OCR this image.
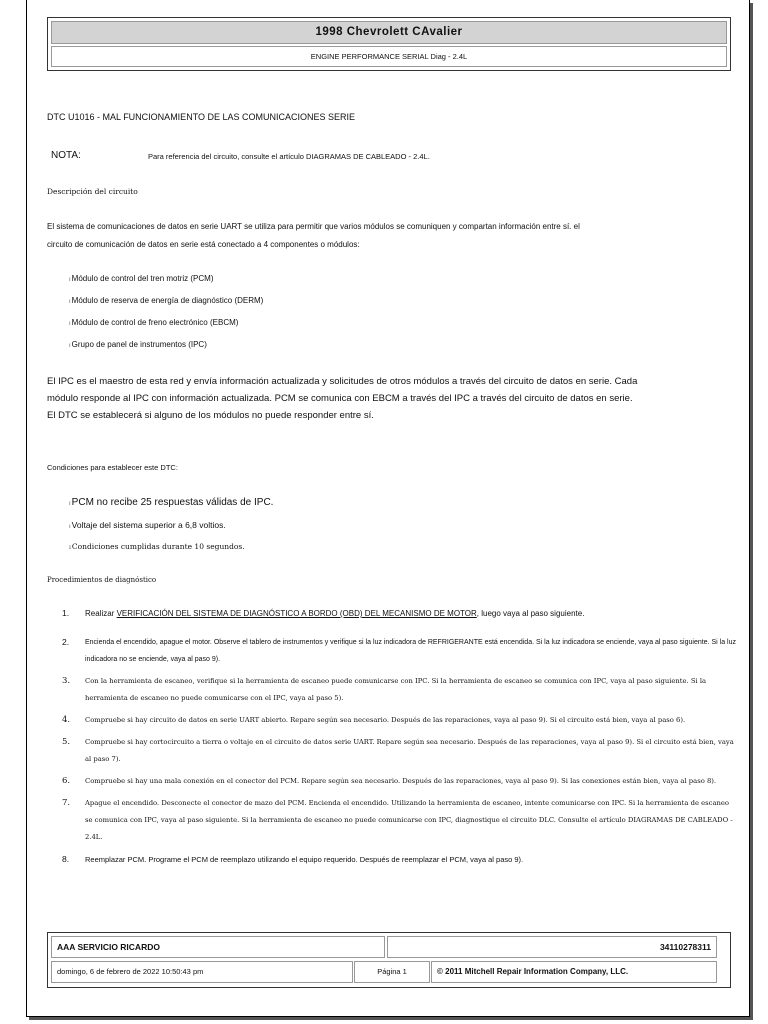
1998 Chevrolett CAvalier
ENGINE PERFORMANCE SERIAL Diag - 2.4L
DTC U1016 - MAL FUNCIONAMIENTO DE LAS COMUNICACIONES SERIE
NOTA:	Para referencia del circuito, consulte el artículo DIAGRAMAS DE CABLEADO - 2.4L.
Descripción del circuito

El sistema de comunicaciones de datos en serie UART se utiliza para permitir que varios módulos se comuniquen y compartan información entre sí. el
circuito de comunicación de datos en serie está conectado a 4 componentes o módulos:

ıMódulo de control del tren motriz (PCM)
ıMódulo de reserva de energía de diagnóstico (DERM)
ıMódulo de control de freno electrónico (EBCM)
ıGrupo de panel de instrumentos (IPC)

El IPC es el maestro de esta red y envía información actualizada y solicitudes de otros módulos a través del circuito de datos en serie. Cada
módulo responde al IPC con información actualizada. PCM se comunica con EBCM a través del IPC a través del circuito de datos en serie.
El DTC se establecerá si alguno de los módulos no puede responder entre sí.

Condiciones para establecer este DTC:
ıPCM no recibe 25 respuestas válidas de IPC.
ıVoltaje del sistema superior a 6,8 voltios.
ıCondiciones cumplidas durante 10 segundos.
Procedimientos de diagnóstico
1. Realizar VERIFICACIÓN DEL SISTEMA DE DIAGNÓSTICO A BORDO (OBD) DEL MECANISMO DE MOTOR, luego vaya al paso siguiente.
2. Encienda el encendido, apague el motor. Observe el tablero de instrumentos y verifique si la luz indicadora de REFRIGERANTE está encendida. Si la luz indicadora se enciende, vaya al paso siguiente. Si la luz indicadora no se enciende, vaya al paso 9).
3. Con la herramienta de escaneo, verifique si la herramienta de escaneo puede comunicarse con IPC. Si la herramienta de escaneo se comunica con IPC, vaya al paso siguiente. Si la herramienta de escaneo no puede comunicarse con el IPC, vaya al paso 5).
4. Compruebe si hay circuito de datos en serie UART abierto. Repare según sea necesario. Después de las reparaciones, vaya al paso 9). Si el circuito está bien, vaya al paso 6).
5. Compruebe si hay cortocircuito a tierra o voltaje en el circuito de datos serie UART. Repare según sea necesario. Después de las reparaciones, vaya al paso 9). Si el circuito está bien, vaya al paso 7).
6. Compruebe si hay una mala conexión en el conector del PCM. Repare según sea necesario. Después de las reparaciones, vaya al paso 9). Si las conexiones están bien, vaya al paso 8).
7. Apague el encendido. Desconecte el conector de mazo del PCM. Encienda el encendido. Utilizando la herramienta de escaneo, intente comunicarse con IPC. Si la herramienta de escaneo se comunica con IPC, vaya al paso siguiente. Si la herramienta de escaneo no puede comunicarse con IPC, diagnostique el circuito DLC. Consulte el artículo DIAGRAMAS DE CABLEADO - 2.4L.
8. Reemplazar PCM. Programe el PCM de reemplazo utilizando el equipo requerido. Después de reemplazar el PCM, vaya al paso 9).
AAA SERVICIO RICARDO	34110278311
domingo, 6 de febrero de 2022 10:50:43 pm	Página 1	© 2011 Mitchell Repair Information Company, LLC.
